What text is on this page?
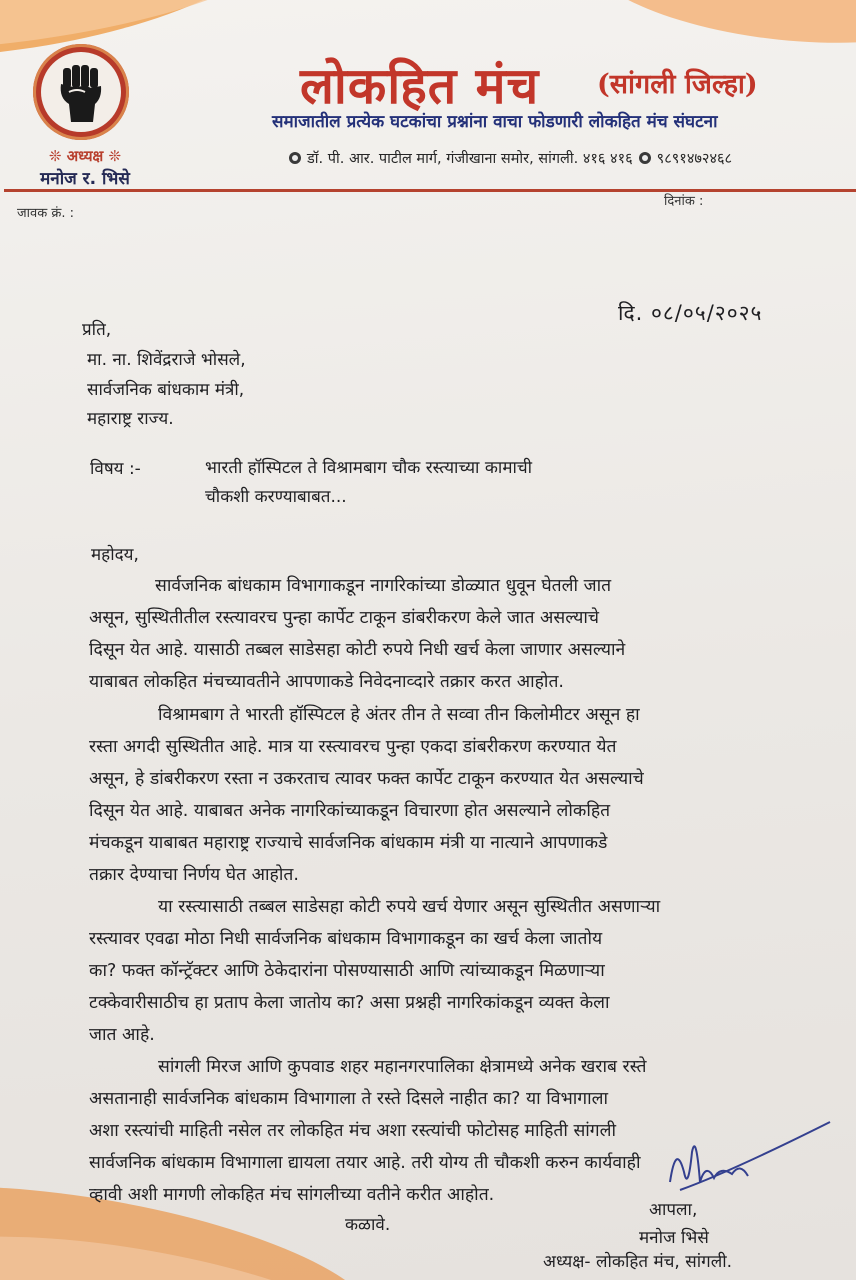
❊ अध्यक्ष ❊
मनोज र. भिसे
लोकहित मंच (सांगली जिल्हा)
समाजातील प्रत्येक घटकांचा प्रश्नांना वाचा फोडणारी लोकहित मंच संघटना
डॉ. पी. आर. पाटील मार्ग, गंजीखाना समोर, सांगली. ४१६ ४१६ ९८९१४७२४६८
जावक क्रं. :
दिनांक :
दि. ०८/०५/२०२५
प्रति,
मा. ना. शिवेंद्रराजे भोसले,
सार्वजनिक बांधकाम मंत्री,
महाराष्ट्र राज्य.
विषय :-	भारती हॉस्पिटल ते विश्रामबाग चौक रस्त्याच्या कामाची
चौकशी करण्याबाबत...
महोदय,
सार्वजनिक बांधकाम विभागाकडून नागरिकांच्या डोळ्यात धुवून घेतली जात
असून, सुस्थितीतील रस्त्यावरच पुन्हा कार्पेट टाकून डांबरीकरण केले जात असल्याचे
दिसून येत आहे. यासाठी तब्बल साडेसहा कोटी रुपये निधी खर्च केला जाणार असल्याने
याबाबत लोकहित मंचच्यावतीने आपणाकडे निवेदनाव्दारे तक्रार करत आहोत.
विश्रामबाग ते भारती हॉस्पिटल हे अंतर तीन ते सव्वा तीन किलोमीटर असून हा
रस्ता अगदी सुस्थितीत आहे. मात्र या रस्त्यावरच पुन्हा एकदा डांबरीकरण करण्यात येत
असून, हे डांबरीकरण रस्ता न उकरताच त्यावर फक्त कार्पेट टाकून करण्यात येत असल्याचे
दिसून येत आहे. याबाबत अनेक नागरिकांच्याकडून विचारणा होत असल्याने लोकहित
मंचकडून याबाबत महाराष्ट्र राज्याचे सार्वजनिक बांधकाम मंत्री या नात्याने आपणाकडे
तक्रार देण्याचा निर्णय घेत आहोत.
या रस्त्यासाठी तब्बल साडेसहा कोटी रुपये खर्च येणार असून सुस्थितीत असणाऱ्या
रस्त्यावर एवढा मोठा निधी सार्वजनिक बांधकाम विभागाकडून का खर्च केला जातोय
का? फक्त कॉन्ट्रॅक्टर आणि ठेकेदारांना पोसण्यासाठी आणि त्यांच्याकडून मिळणाऱ्या
टक्केवारीसाठीच हा प्रताप केला जातोय का? असा प्रश्नही नागरिकांकडून व्यक्त केला
जात आहे.
सांगली मिरज आणि कुपवाड शहर महानगरपालिका क्षेत्रामध्ये अनेक खराब रस्ते
असतानाही सार्वजनिक बांधकाम विभागाला ते रस्ते दिसले नाहीत का? या विभागाला
अशा रस्त्यांची माहिती नसेल तर लोकहित मंच अशा रस्त्यांची फोटोसह माहिती सांगली
सार्वजनिक बांधकाम विभागाला द्यायला तयार आहे. तरी योग्य ती चौकशी करुन कार्यवाही
व्हावी अशी मागणी लोकहित मंच सांगलीच्या वतीने करीत आहोत.
कळावे.
आपला,
मनोज भिसे
अध्यक्ष- लोकहित मंच, सांगली.
